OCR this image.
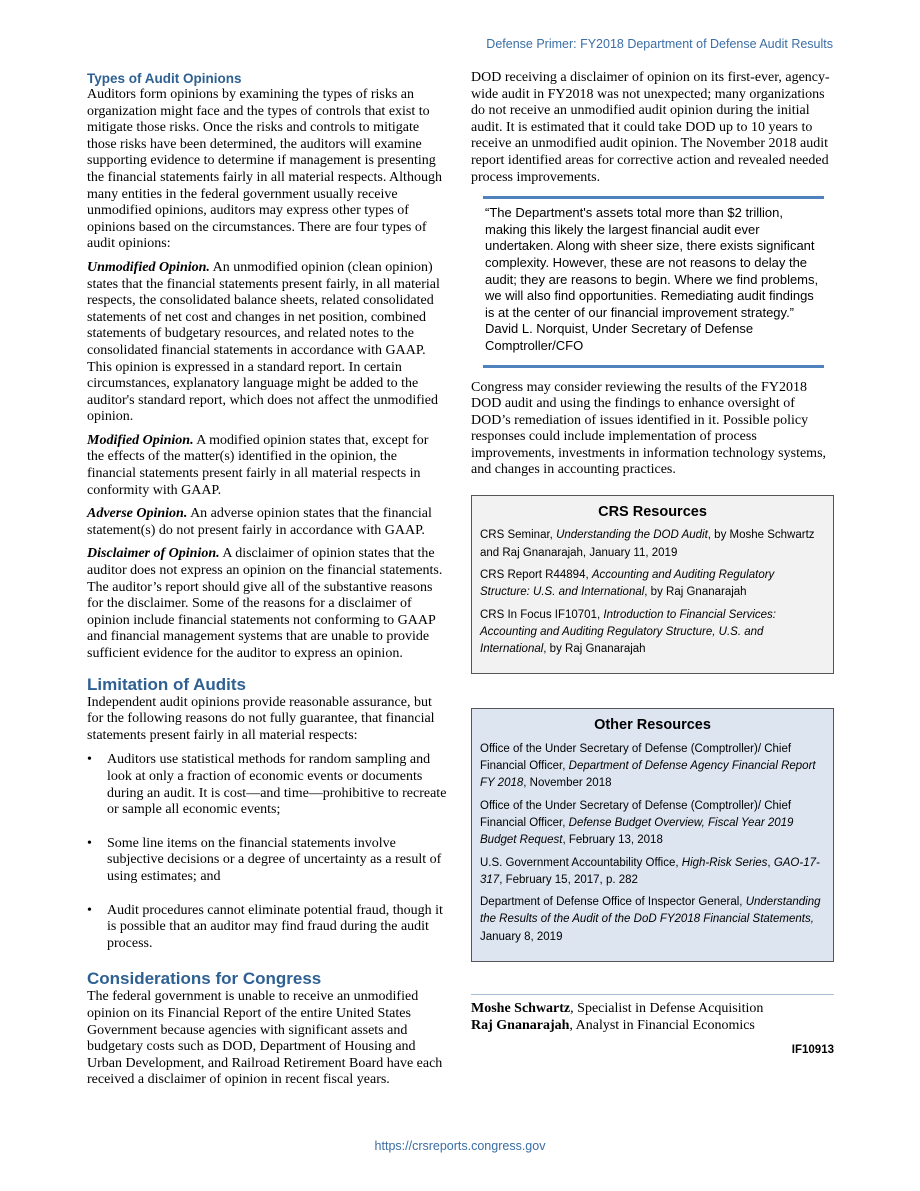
Defense Primer: FY2018 Department of Defense Audit Results
Types of Audit Opinions

Auditors form opinions by examining the types of risks an organization might face and the types of controls that exist to mitigate those risks. Once the risks and controls to mitigate those risks have been determined, the auditors will examine supporting evidence to determine if management is presenting the financial statements fairly in all material respects. Although many entities in the federal government usually receive unmodified opinions, auditors may express other types of opinions based on the circumstances. There are four types of audit opinions:

Unmodified Opinion. An unmodified opinion (clean opinion) states that the financial statements present fairly, in all material respects, the consolidated balance sheets, related consolidated statements of net cost and changes in net position, combined statements of budgetary resources, and related notes to the consolidated financial statements in accordance with GAAP. This opinion is expressed in a standard report. In certain circumstances, explanatory language might be added to the auditor's standard report, which does not affect the unmodified opinion.

Modified Opinion. A modified opinion states that, except for the effects of the matter(s) identified in the opinion, the financial statements present fairly in all material respects in conformity with GAAP.

Adverse Opinion. An adverse opinion states that the financial statement(s) do not present fairly in accordance with GAAP.

Disclaimer of Opinion. A disclaimer of opinion states that the auditor does not express an opinion on the financial statements. The auditor’s report should give all of the substantive reasons for the disclaimer. Some of the reasons for a disclaimer of opinion include financial statements not conforming to GAAP and financial management systems that are unable to provide sufficient evidence for the auditor to express an opinion.

Limitation of Audits

Independent audit opinions provide reasonable assurance, but for the following reasons do not fully guarantee, that financial statements present fairly in all material respects:

• Auditors use statistical methods for random sampling and look at only a fraction of economic events or documents during an audit. It is cost—and time—prohibitive to recreate or sample all economic events;
• Some line items on the financial statements involve subjective decisions or a degree of uncertainty as a result of using estimates; and
• Audit procedures cannot eliminate potential fraud, though it is possible that an auditor may find fraud during the audit process.
Considerations for Congress

The federal government is unable to receive an unmodified opinion on its Financial Report of the entire United States Government because agencies with significant assets and budgetary costs such as DOD, Department of Housing and Urban Development, and Railroad Retirement Board have each received a disclaimer of opinion in recent fiscal years.

DOD receiving a disclaimer of opinion on its first-ever, agency-wide audit in FY2018 was not unexpected; many organizations do not receive an unmodified audit opinion during the initial audit. It is estimated that it could take DOD up to 10 years to receive an unmodified audit opinion. The November 2018 audit report identified areas for corrective action and revealed needed process improvements.

“The Department's assets total more than $2 trillion, making this likely the largest financial audit ever undertaken. Along with sheer size, there exists significant complexity. However, these are not reasons to delay the audit; they are reasons to begin. Where we find problems, we will also find opportunities. Remediating audit findings is at the center of our financial improvement strategy.”
David L. Norquist, Under Secretary of Defense Comptroller/CFO

Congress may consider reviewing the results of the FY2018 DOD audit and using the findings to enhance oversight of DOD’s remediation of issues identified in it. Possible policy responses could include implementation of process improvements, investments in information technology systems, and changes in accounting practices.

CRS Resources
CRS Seminar, Understanding the DOD Audit, by Moshe Schwartz and Raj Gnanarajah, January 11, 2019
CRS Report R44894, Accounting and Auditing Regulatory Structure: U.S. and International, by Raj Gnanarajah
CRS In Focus IF10701, Introduction to Financial Services: Accounting and Auditing Regulatory Structure, U.S. and International, by Raj Gnanarajah
Other Resources
Office of the Under Secretary of Defense (Comptroller)/ Chief Financial Officer, Department of Defense Agency Financial Report FY 2018, November 2018
Office of the Under Secretary of Defense (Comptroller)/ Chief Financial Officer, Defense Budget Overview, Fiscal Year 2019 Budget Request, February 13, 2018
U.S. Government Accountability Office, High-Risk Series, GAO-17-317, February 15, 2017, p. 282
Department of Defense Office of Inspector General, Understanding the Results of the Audit of the DoD FY2018 Financial Statements, January 8, 2019
Moshe Schwartz, Specialist in Defense Acquisition
Raj Gnanarajah, Analyst in Financial Economics
IF10913
https://crsreports.congress.gov
